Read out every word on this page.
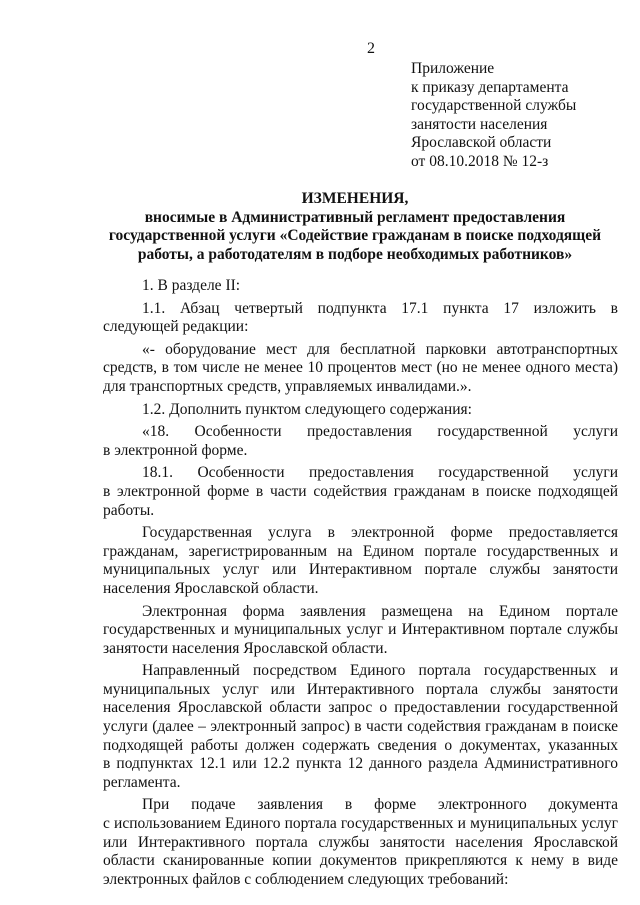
2

Приложение
к приказу департамента
государственной службы
занятости населения
Ярославской области
от 08.10.2018 № 12-з
ИЗМЕНЕНИЯ,
вносимые в Административный регламент предоставления
государственной услуги «Содействие гражданам в поиске подходящей
работы, а работодателям в подборе необходимых работников»
1. В разделе II:
1.1. Абзац четвертый подпункта 17.1 пункта 17 изложить в
следующей редакции:
«- оборудование мест для бесплатной парковки автотранспортных
средств, в том числе не менее 10 процентов мест (но не менее одного места)
для транспортных средств, управляемых инвалидами.».
1.2. Дополнить пунктом следующего содержания:
«18. Особенности предоставления государственной услуги
в электронной форме.
18.1. Особенности предоставления государственной услуги
в электронной форме в части содействия гражданам в поиске подходящей
работы.
Государственная услуга в электронной форме предоставляется
гражданам, зарегистрированным на Едином портале государственных и
муниципальных услуг или Интерактивном портале службы занятости
населения Ярославской области.
Электронная форма заявления размещена на Едином портале
государственных и муниципальных услуг и Интерактивном портале службы
занятости населения Ярославской области.
Направленный посредством Единого портала государственных и
муниципальных услуг или Интерактивного портала службы занятости
населения Ярославской области запрос о предоставлении государственной
услуги (далее – электронный запрос) в части содействия гражданам в поиске
подходящей работы должен содержать сведения о документах, указанных
в подпунктах 12.1 или 12.2 пункта 12 данного раздела Административного
регламента.
При подаче заявления в форме электронного документа
с использованием Единого портала государственных и муниципальных услуг
или Интерактивного портала службы занятости населения Ярославской
области сканированные копии документов прикрепляются к нему в виде
электронных файлов с соблюдением следующих требований:
